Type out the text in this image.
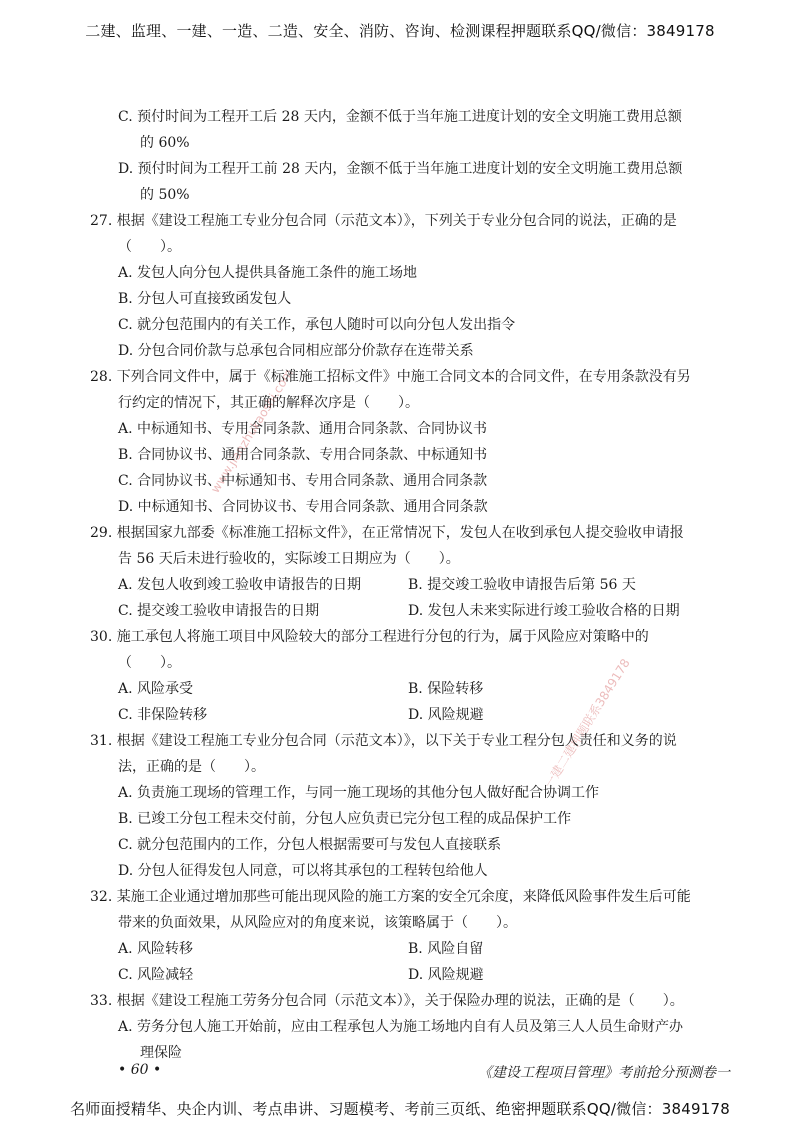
二建、监理、一建、一造、二造、安全、消防、咨询、检测课程押题联系QQ/微信：3849178
www.jianzhukaoshi.com
一建二建押题联系3849178
C. 预付时间为工程开工后 28 天内，金额不低于当年施工进度计划的安全文明施工费用总额
的 60%
D. 预付时间为工程开工前 28 天内，金额不低于当年施工进度计划的安全文明施工费用总额
的 50%
27. 根据《建设工程施工专业分包合同（示范文本）》，下列关于专业分包合同的说法，正确的是
（　　）。
A. 发包人向分包人提供具备施工条件的施工场地
B. 分包人可直接致函发包人
C. 就分包范围内的有关工作，承包人随时可以向分包人发出指令
D. 分包合同价款与总承包合同相应部分价款存在连带关系
28. 下列合同文件中，属于《标准施工招标文件》中施工合同文本的合同文件，在专用条款没有另
行约定的情况下，其正确的解释次序是（　　）。
A. 中标通知书、专用合同条款、通用合同条款、合同协议书
B. 合同协议书、通用合同条款、专用合同条款、中标通知书
C. 合同协议书、中标通知书、专用合同条款、通用合同条款
D. 中标通知书、合同协议书、专用合同条款、通用合同条款
29. 根据国家九部委《标准施工招标文件》，在正常情况下，发包人在收到承包人提交验收申请报
告 56 天后未进行验收的，实际竣工日期应为（　　）。
A. 发包人收到竣工验收申请报告的日期	B. 提交竣工验收申请报告后第 56 天
C. 提交竣工验收申请报告的日期	D. 发包人未来实际进行竣工验收合格的日期
30. 施工承包人将施工项目中风险较大的部分工程进行分包的行为，属于风险应对策略中的
（　　）。
A. 风险承受	B. 保险转移
C. 非保险转移	D. 风险规避
31. 根据《建设工程施工专业分包合同（示范文本）》，以下关于专业工程分包人责任和义务的说
法，正确的是（　　）。
A. 负责施工现场的管理工作，与同一施工现场的其他分包人做好配合协调工作
B. 已竣工分包工程未交付前，分包人应负责已完分包工程的成品保护工作
C. 就分包范围内的工作，分包人根据需要可与发包人直接联系
D. 分包人征得发包人同意，可以将其承包的工程转包给他人
32. 某施工企业通过增加那些可能出现风险的施工方案的安全冗余度，来降低风险事件发生后可能
带来的负面效果，从风险应对的角度来说，该策略属于（　　）。
A. 风险转移	B. 风险自留
C. 风险减轻	D. 风险规避
33. 根据《建设工程施工劳务分包合同（示范文本）》，关于保险办理的说法，正确的是（　　）。
A. 劳务分包人施工开始前，应由工程承包人为施工场地内自有人员及第三人人员生命财产办
理保险
• 60 •	《建设工程项目管理》考前抢分预测卷一
名师面授精华、央企内训、考点串讲、习题模考、考前三页纸、绝密押题联系QQ/微信：3849178
